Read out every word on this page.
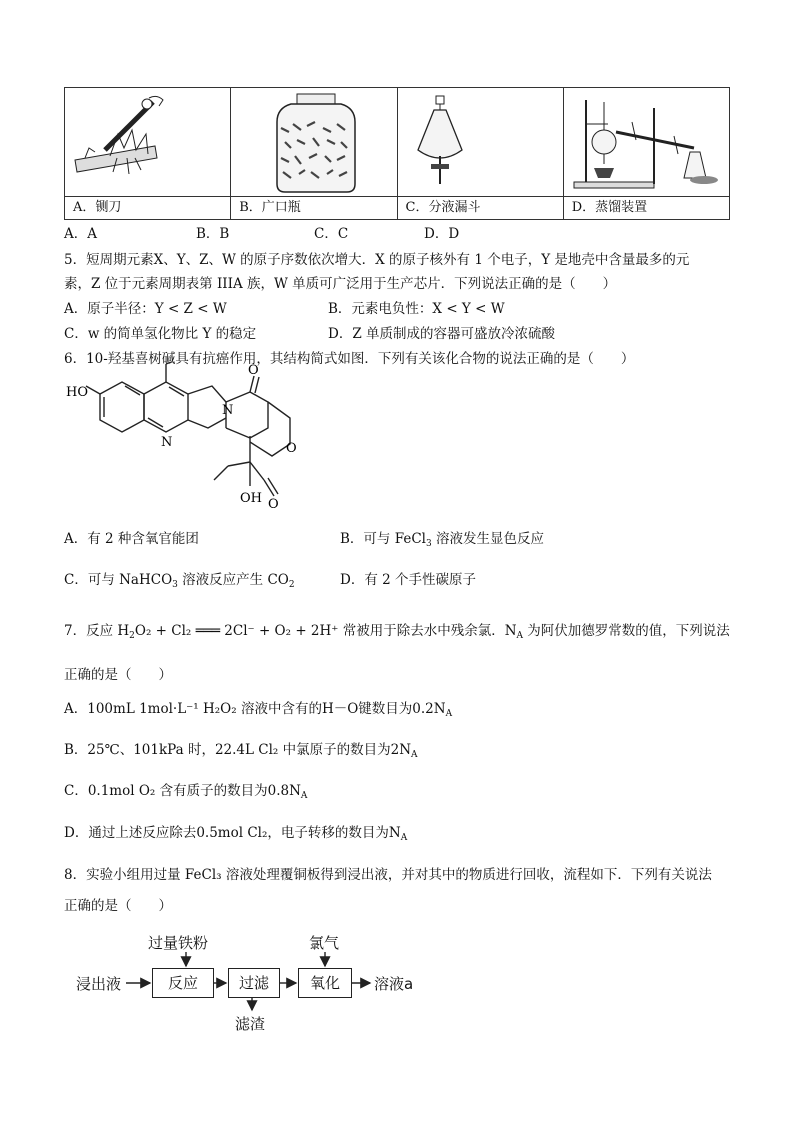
A．铡刀	B．广口瓶	C．分液漏斗	D．蒸馏装置
A．A	B．B	C．C	D．D
5．短周期元素X、Y、Z、W 的原子序数依次增大．X 的原子核外有 1 个电子，Y 是地壳中含量最多的元
素，Z 位于元素周期表第 IIIA 族，W 单质可广泛用于生产芯片．下列说法正确的是（　　）
A．原子半径：Y < Z < W	B．元素电负性：X < Y < W
C．w 的简单氢化物比 Y 的稳定	D．Z 单质制成的容器可盛放冷浓硫酸
6．10-羟基喜树碱具有抗癌作用，其结构简式如图．下列有关该化合物的说法正确的是（　　）
HO
N
N
O
O
O
OH
A．有 2 种含氧官能团	B．可与 FeCl$_3$ 溶液发生显色反应
C．可与 NaHCO$_3$ 溶液反应产生 $CO_2$	D．有 2 个手性碳原子
7．反应 $H_2O_2 + Cl_2$ ═══ 2Cl⁻ + O₂ + 2H⁺ 常被用于除去水中残余氯．$N_A$ 为阿伏加德罗常数的值，下列说法
正确的是（　　）
A．100mL 1mol·L⁻¹ H₂O₂ 溶液中含有的H－O键数目为$0.2N_A$
B．25℃、101kPa 时，22.4L Cl₂ 中氯原子的数目为$2N_A$
C．0.1mol O₂ 含有质子的数目为$0.8N_A$
D．通过上述反应除去0.5mol Cl₂，电子转移的数目为$N_A$
8．实验小组用过量 FeCl₃ 溶液处理覆铜板得到浸出液，并对其中的物质进行回收，流程如下．下列有关说法
正确的是（　　）
浸出液
过量铁粉
反应	过滤
滤渣
氯气
氧化	溶液a
